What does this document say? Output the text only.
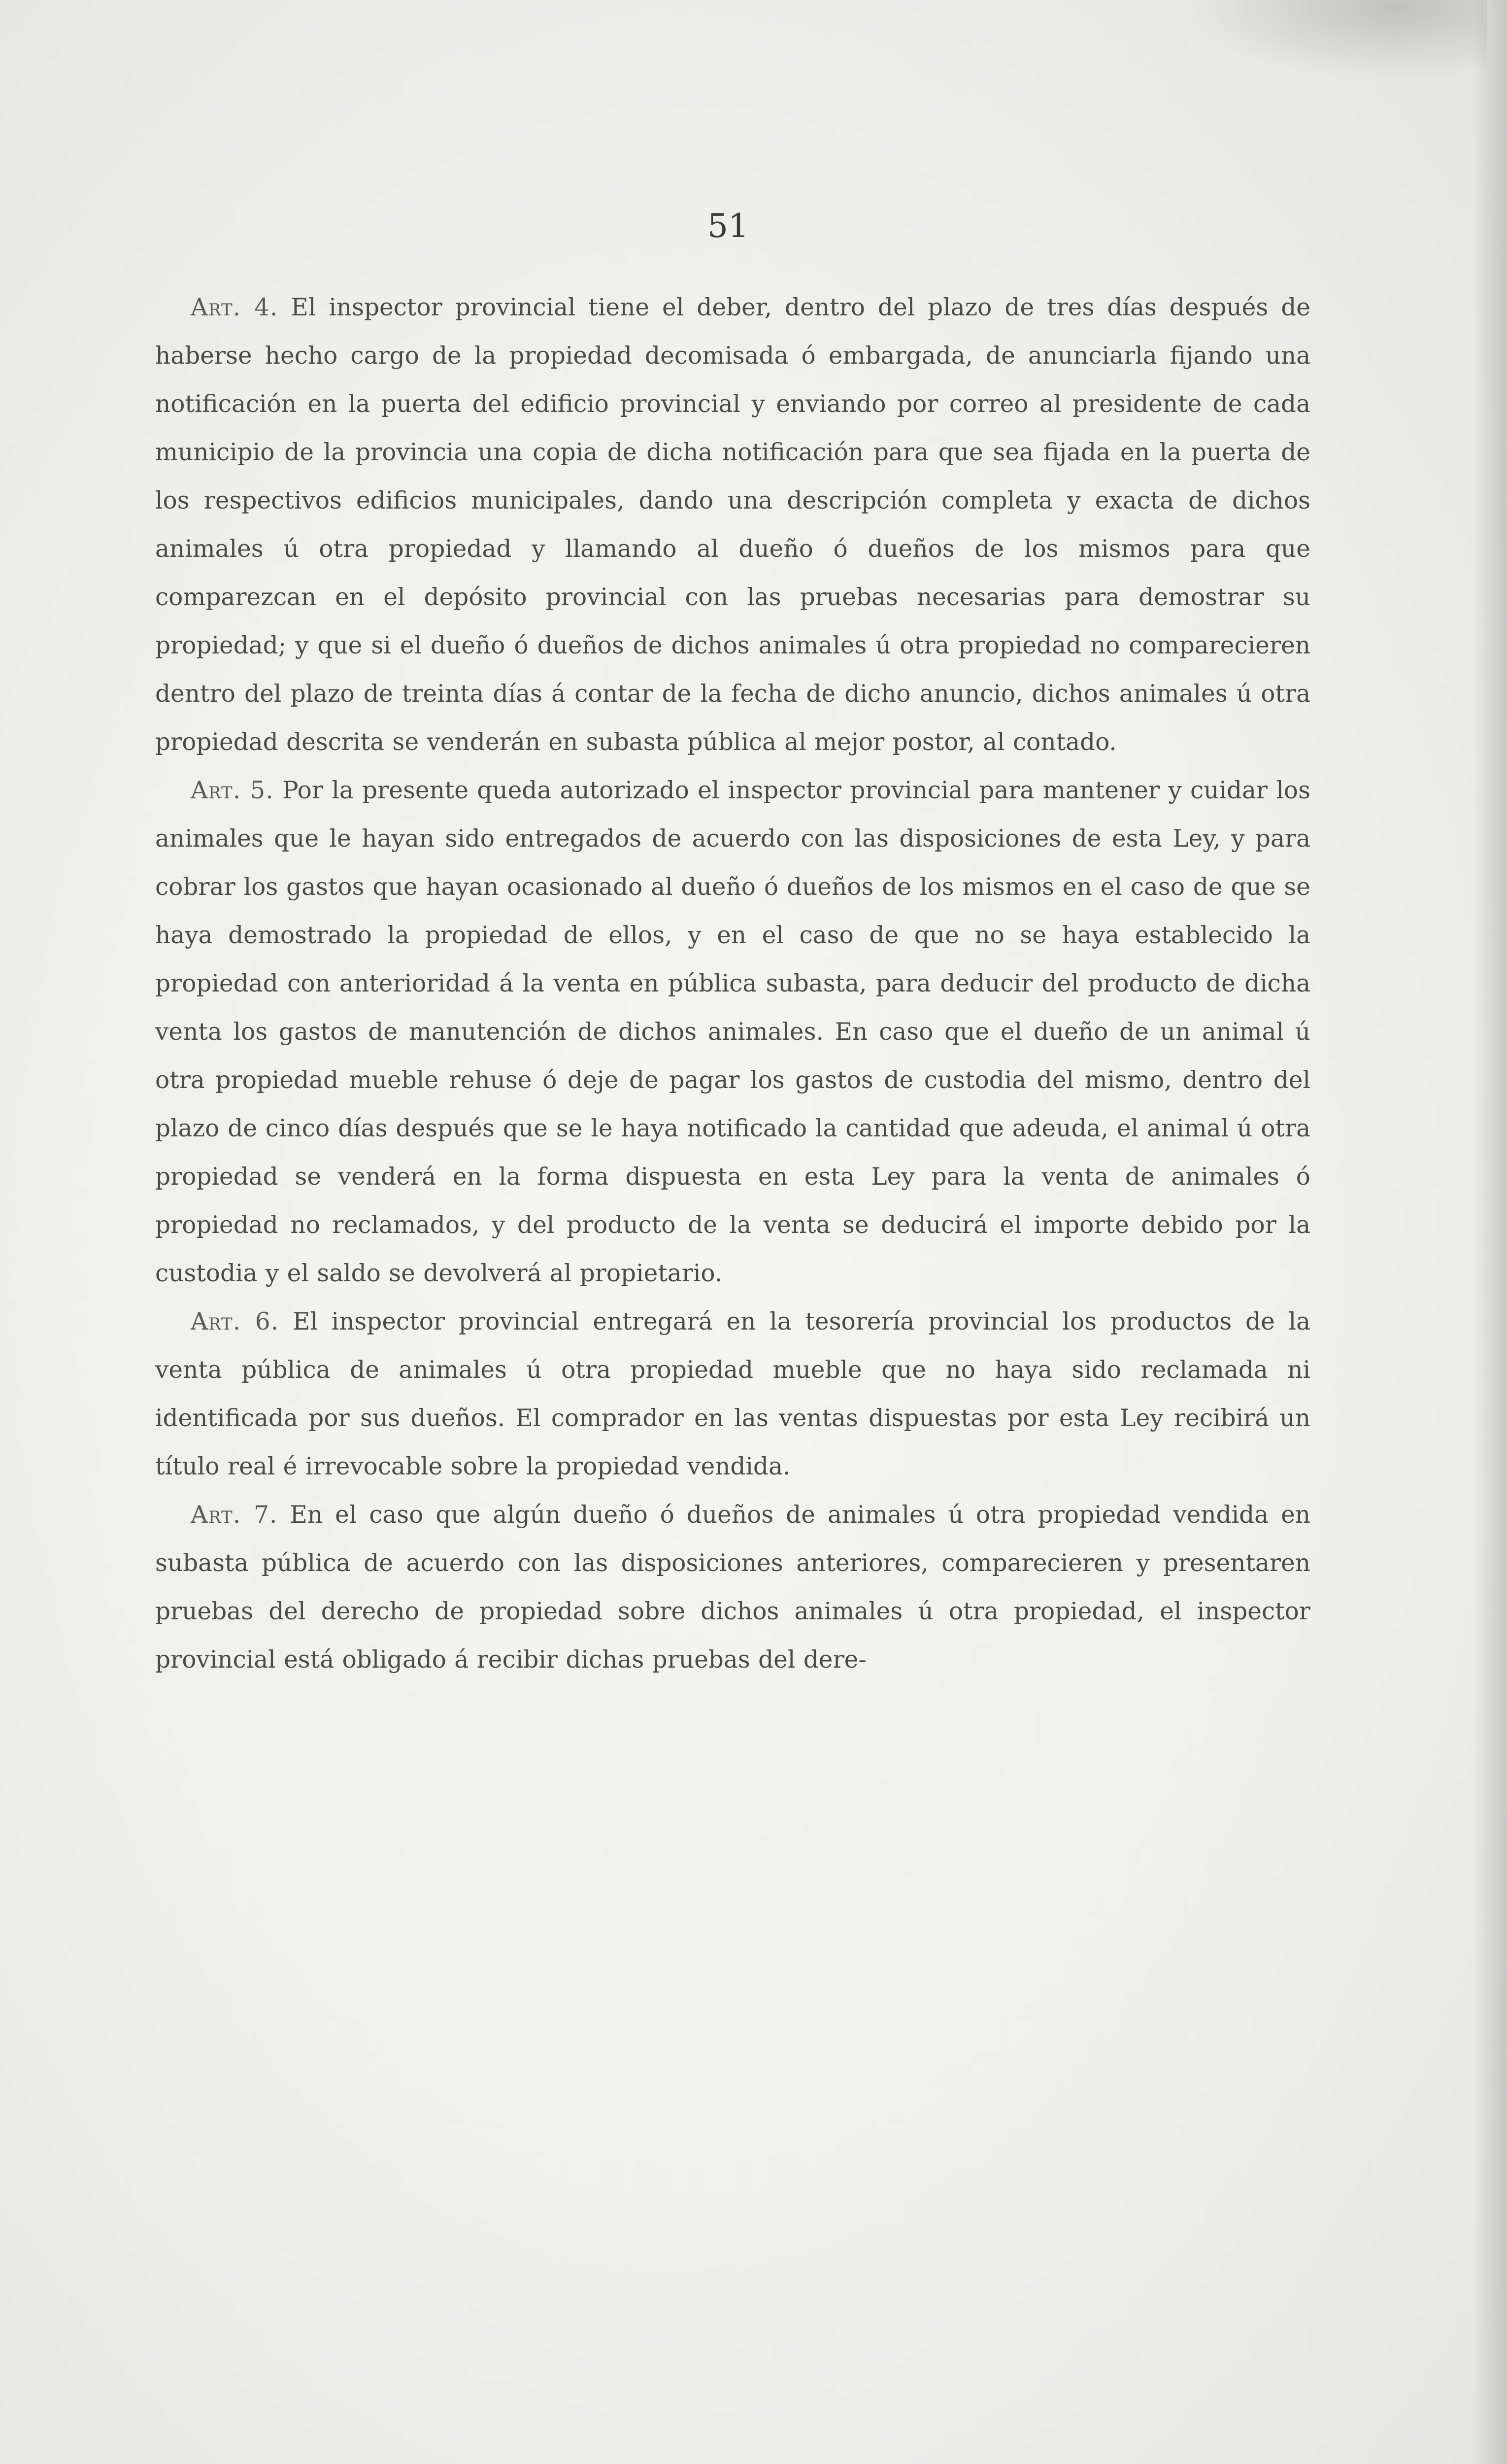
51

Art. 4. El inspector provincial tiene el deber, dentro del plazo de tres días después de haberse hecho cargo de la propiedad decomisada ó embargada, de anunciarla fijando una notificación en la puerta del edificio provincial y enviando por correo al presidente de cada municipio de la provincia una copia de dicha notificación para que sea fijada en la puerta de los respectivos edificios municipales, dando una descripción completa y exacta de dichos animales ú otra propiedad y llamando al dueño ó dueños de los mismos para que comparezcan en el depósito provincial con las pruebas necesarias para demostrar su propiedad; y que si el dueño ó dueños de dichos animales ú otra propiedad no comparecieren dentro del plazo de treinta días á contar de la fecha de dicho anuncio, dichos animales ú otra propiedad descrita se venderán en subasta pública al mejor postor, al contado.

Art. 5. Por la presente queda autorizado el inspector provincial para mantener y cuidar los animales que le hayan sido entregados de acuerdo con las disposiciones de esta Ley, y para cobrar los gastos que hayan ocasionado al dueño ó dueños de los mismos en el caso de que se haya demostrado la propiedad de ellos, y en el caso de que no se haya establecido la propiedad con anterioridad á la venta en pública subasta, para deducir del producto de dicha venta los gastos de manutención de dichos animales. En caso que el dueño de un animal ú otra propiedad mueble rehuse ó deje de pagar los gastos de custodia del mismo, dentro del plazo de cinco días después que se le haya notificado la cantidad que adeuda, el animal ú otra propiedad se venderá en la forma dispuesta en esta Ley para la venta de animales ó propiedad no reclamados, y del producto de la venta se deducirá el importe debido por la custodia y el saldo se devolverá al propietario.

Art. 6. El inspector provincial entregará en la tesorería provincial los productos de la venta pública de animales ú otra propiedad mueble que no haya sido reclamada ni identificada por sus dueños. El comprador en las ventas dispuestas por esta Ley recibirá un título real é irrevocable sobre la propiedad vendida.

Art. 7. En el caso que algún dueño ó dueños de animales ú otra propiedad vendida en subasta pública de acuerdo con las disposiciones anteriores, comparecieren y presentaren pruebas del derecho de propiedad sobre dichos animales ú otra propiedad, el inspector provincial está obligado á recibir dichas pruebas del dere-
